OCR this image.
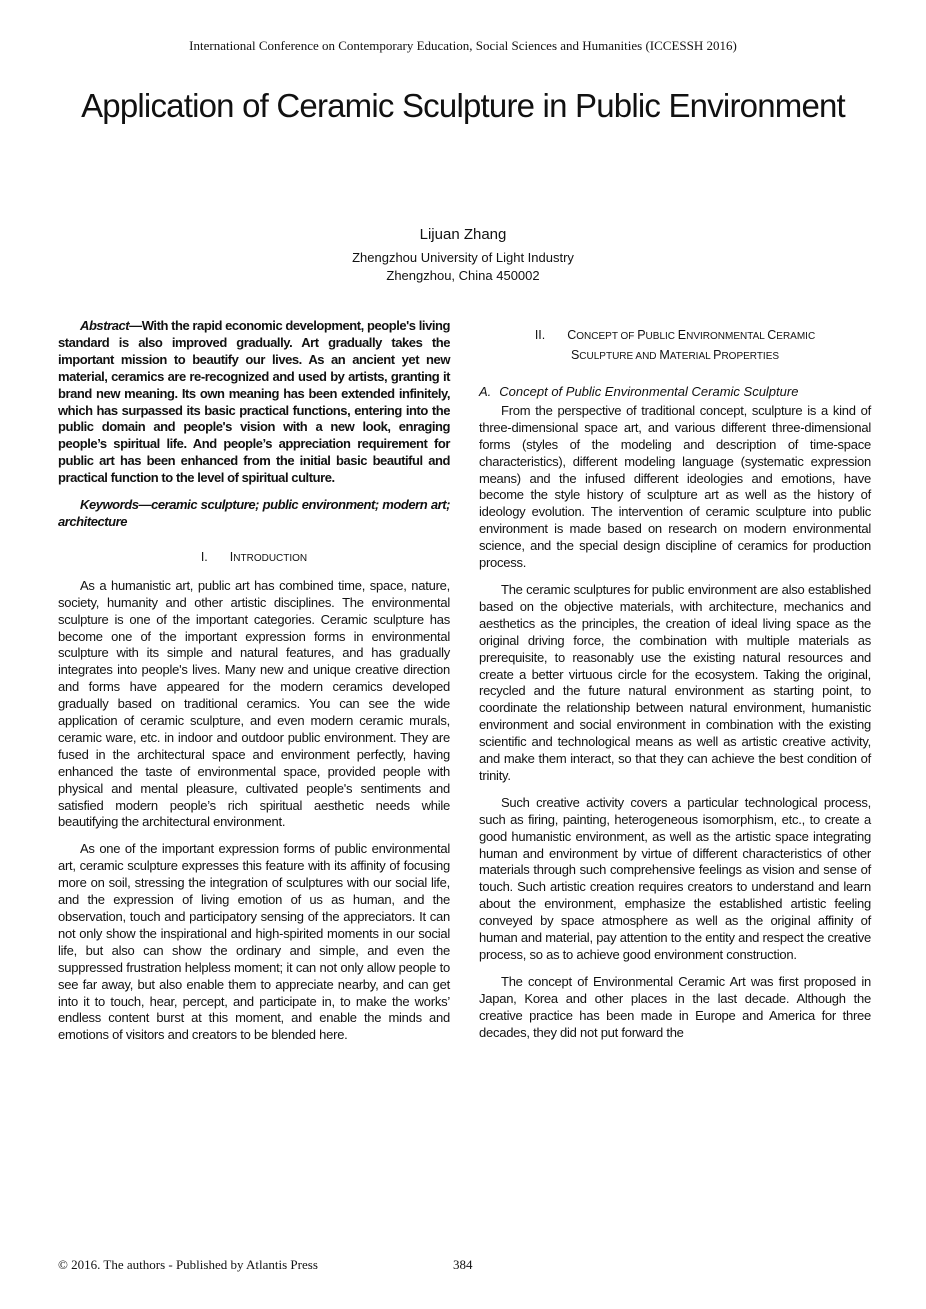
International Conference on Contemporary Education, Social Sciences and Humanities (ICCESSH 2016)
Application of Ceramic Sculpture in Public Environment
Lijuan Zhang
Zhengzhou University of Light Industry
Zhengzhou, China 450002

Abstract—With the rapid economic development, people's living standard is also improved gradually. Art gradually takes the important mission to beautify our lives. As an ancient yet new material, ceramics are re-recognized and used by artists, granting it brand new meaning. Its own meaning has been extended infinitely, which has surpassed its basic practical functions, entering into the public domain and people's vision with a new look, enraging people’s spiritual life. And people’s appreciation requirement for public art has been enhanced from the initial basic beautiful and practical function to the level of spiritual culture.

Keywords—ceramic sculpture; public environment; modern art; architecture

I. INTRODUCTION

As a humanistic art, public art has combined time, space, nature, society, humanity and other artistic disciplines. The environmental sculpture is one of the important categories. Ceramic sculpture has become one of the important expression forms in environmental sculpture with its simple and natural features, and has gradually integrates into people's lives. Many new and unique creative direction and forms have appeared for the modern ceramics developed gradually based on traditional ceramics. You can see the wide application of ceramic sculpture, and even modern ceramic murals, ceramic ware, etc. in indoor and outdoor public environment. They are fused in the architectural space and environment perfectly, having enhanced the taste of environmental space, provided people with physical and mental pleasure, cultivated people's sentiments and satisfied modern people’s rich spiritual aesthetic needs while beautifying the architectural environment.

As one of the important expression forms of public environmental art, ceramic sculpture expresses this feature with its affinity of focusing more on soil, stressing the integration of sculptures with our social life, and the expression of living emotion of us as human, and the observation, touch and participatory sensing of the appreciators. It can not only show the inspirational and high-spirited moments in our social life, but also can show the ordinary and simple, and even the suppressed frustration helpless moment; it can not only allow people to see far away, but also enable them to appreciate nearby, and can get into it to touch, hear, percept, and participate in, to make the works’ endless content burst at this moment, and enable the minds and emotions of visitors and creators to be blended here.

II. CONCEPT OF PUBLIC ENVIRONMENTAL CERAMIC
SCULPTURE AND MATERIAL PROPERTIES
A. Concept of Public Environmental Ceramic Sculpture

From the perspective of traditional concept, sculpture is a kind of three-dimensional space art, and various different three-dimensional forms (styles of the modeling and description of time-space characteristics), different modeling language (systematic expression means) and the infused different ideologies and emotions, have become the style history of sculpture art as well as the history of ideology evolution. The intervention of ceramic sculpture into public environment is made based on research on modern environmental science, and the special design discipline of ceramics for production process.

The ceramic sculptures for public environment are also established based on the objective materials, with architecture, mechanics and aesthetics as the principles, the creation of ideal living space as the original driving force, the combination with multiple materials as prerequisite, to reasonably use the existing natural resources and create a better virtuous circle for the ecosystem. Taking the original, recycled and the future natural environment as starting point, to coordinate the relationship between natural environment, humanistic environment and social environment in combination with the existing scientific and technological means as well as artistic creative activity, and make them interact, so that they can achieve the best condition of trinity.

Such creative activity covers a particular technological process, such as firing, painting, heterogeneous isomorphism, etc., to create a good humanistic environment, as well as the artistic space integrating human and environment by virtue of different characteristics of other materials through such comprehensive feelings as vision and sense of touch. Such artistic creation requires creators to understand and learn about the environment, emphasize the established artistic feeling conveyed by space atmosphere as well as the original affinity of human and material, pay attention to the entity and respect the creative process, so as to achieve good environment construction.

The concept of Environmental Ceramic Art was first proposed in Japan, Korea and other places in the last decade. Although the creative practice has been made in Europe and America for three decades, they did not put forward the

© 2016. The authors - Published by Atlantis Press	384
